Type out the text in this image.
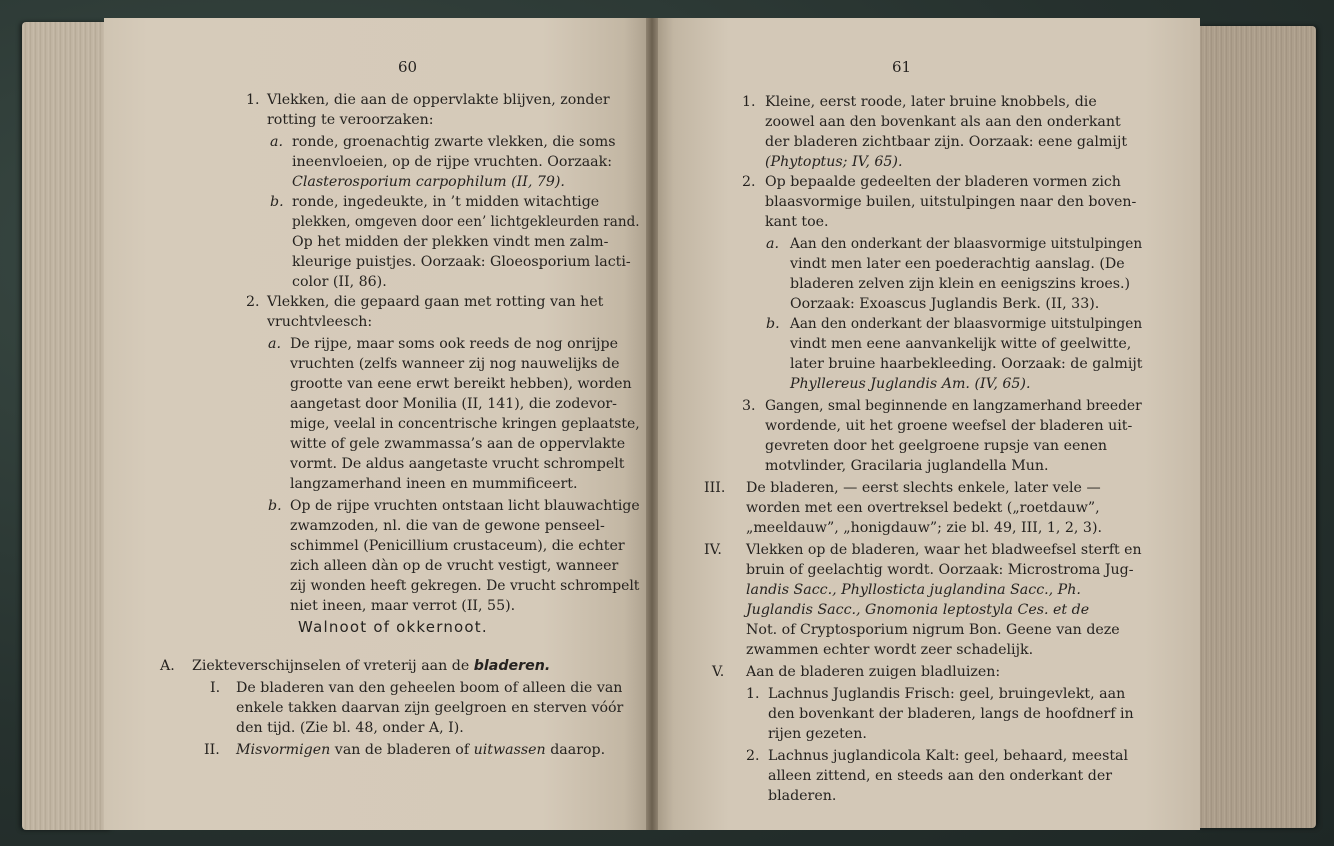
60
1. Vlekken, die aan de oppervlakte blijven, zonder
rotting te veroorzaken:
a. ronde, groenachtig zwarte vlekken, die soms
ineenvloeien, op de rijpe vruchten. Oorzaak:
Clasterosporium carpophilum (II, 79).
b. ronde, ingedeukte, in ’t midden witachtige
plekken, omgeven door een’ lichtgekleurden rand.
Op het midden der plekken vindt men zalm-
kleurige puistjes. Oorzaak: Gloeosporium lacti-
color (II, 86).
2. Vlekken, die gepaard gaan met rotting van het
vruchtvleesch:
a. De rijpe, maar soms ook reeds de nog onrijpe
vruchten (zelfs wanneer zij nog nauwelijks de
grootte van eene erwt bereikt hebben), worden
aangetast door Monilia (II, 141), die zodevor-
mige, veelal in concentrische kringen geplaatste,
witte of gele zwammassa’s aan de oppervlakte
vormt. De aldus aangetaste vrucht schrompelt
langzamerhand ineen en mummificeert.
b. Op de rijpe vruchten ontstaan licht blauwachtige
zwamzoden, nl. die van de gewone penseel-
schimmel (Penicillium crustaceum), die echter
zich alleen dàn op de vrucht vestigt, wanneer
zij wonden heeft gekregen. De vrucht schrompelt
niet ineen, maar verrot (II, 55).
Walnoot of okkernoot.
A. Ziekteverschijnselen of vreterij aan de bladeren.
I. De bladeren van den geheelen boom of alleen die van
enkele takken daarvan zijn geelgroen en sterven vóór
den tijd. (Zie bl. 48, onder A, I).
II. Misvormigen van de bladeren of uitwassen daarop.
61
1. Kleine, eerst roode, later bruine knobbels, die
zoowel aan den bovenkant als aan den onderkant
der bladeren zichtbaar zijn. Oorzaak: eene galmijt
(Phytoptus; IV, 65).
2. Op bepaalde gedeelten der bladeren vormen zich
blaasvormige builen, uitstulpingen naar den boven-
kant toe.
a. Aan den onderkant der blaasvormige uitstulpingen
vindt men later een poederachtig aanslag. (De
bladeren zelven zijn klein en eenigszins kroes.)
Oorzaak: Exoascus Juglandis Berk. (II, 33).
b. Aan den onderkant der blaasvormige uitstulpingen
vindt men eene aanvankelijk witte of geelwitte,
later bruine haarbekleeding. Oorzaak: de galmijt
Phyllereus Juglandis Am. (IV, 65).
3. Gangen, smal beginnende en langzamerhand breeder
wordende, uit het groene weefsel der bladeren uit-
gevreten door het geelgroene rupsje van eenen
motvlinder, Gracilaria juglandella Mun.
III. De bladeren, — eerst slechts enkele, later vele —
worden met een overtreksel bedekt („roetdauw”,
„meeldauw”, „honigdauw”; zie bl. 49, III, 1, 2, 3).
IV. Vlekken op de bladeren, waar het bladweefsel sterft en
bruin of geelachtig wordt. Oorzaak: Microstroma Jug-
landis Sacc., Phyllosticta juglandina Sacc., Ph.
Juglandis Sacc., Gnomonia leptostyla Ces. et de
Not. of Cryptosporium nigrum Bon. Geene van deze
zwammen echter wordt zeer schadelijk.
V. Aan de bladeren zuigen bladluizen:
1. Lachnus Juglandis Frisch: geel, bruingevlekt, aan
den bovenkant der bladeren, langs de hoofdnerf in
rijen gezeten.
2. Lachnus juglandicola Kalt: geel, behaard, meestal
alleen zittend, en steeds aan den onderkant der
bladeren.
